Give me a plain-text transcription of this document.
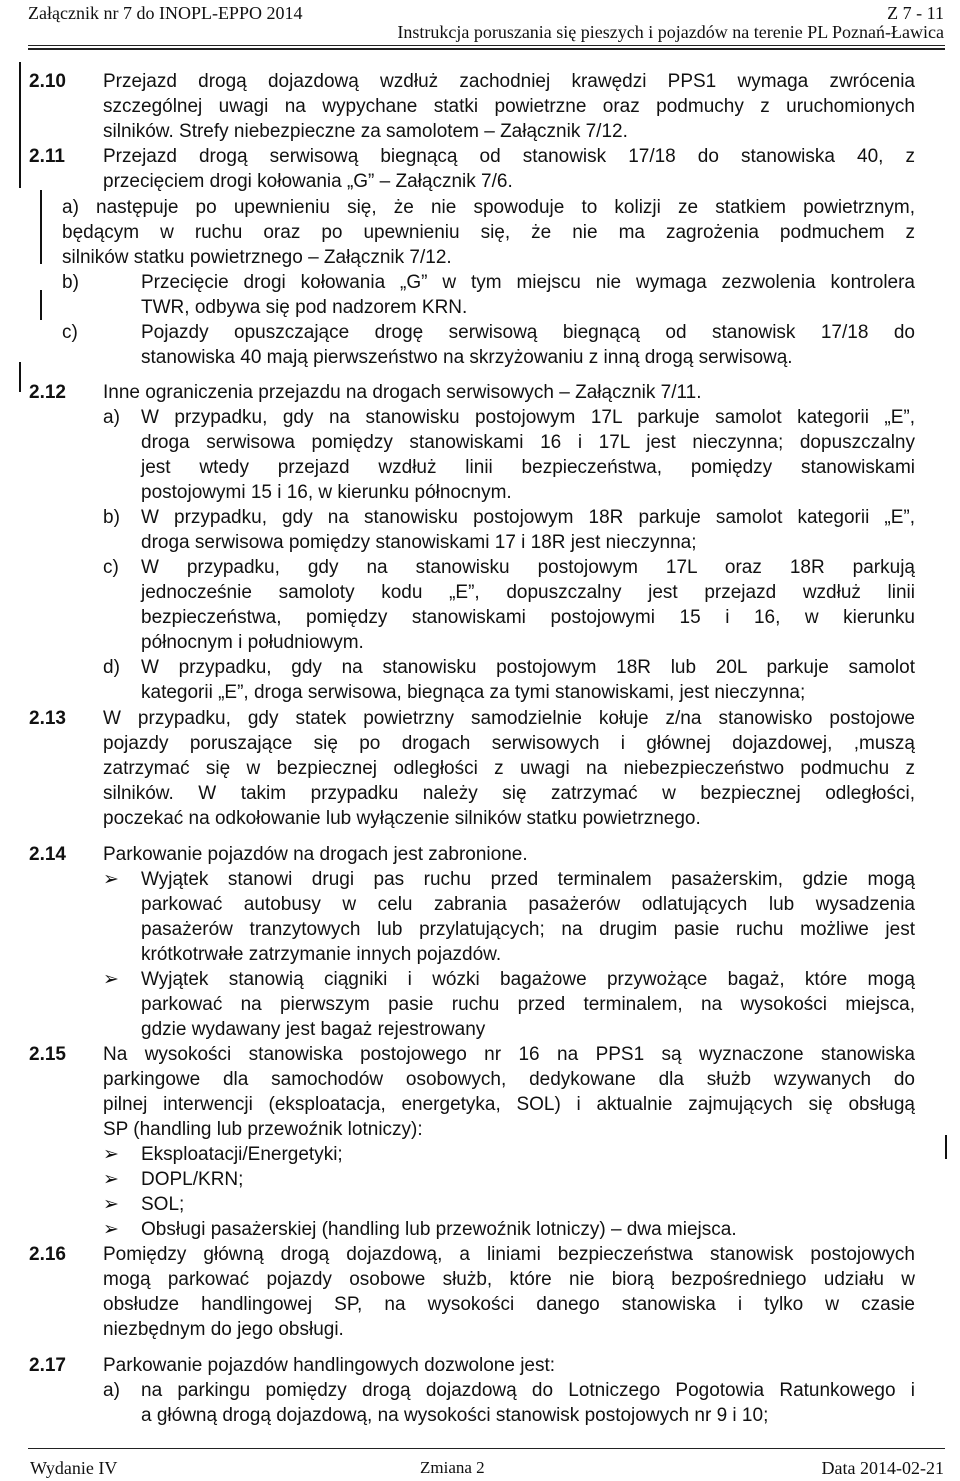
Załącznik nr 7 do INOPL-EPPO 2014	Z 7 - 11
Instrukcja poruszania się pieszych i pojazdów na terenie PL Poznań-Ławica
2.10 Przejazd drogą dojazdową wzdłuż zachodniej krawędzi PPS1 wymaga zwrócenia
szczególnej uwagi na wypychane statki powietrzne oraz podmuchy z uruchomionych
silników. Strefy niebezpieczne za samolotem – Załącznik 7/12.
2.11 Przejazd drogą serwisową biegnącą od stanowisk 17/18 do stanowiska 40, z
przecięciem drogi kołowania „G” – Załącznik 7/6.
a) następuje po upewnieniu się, że nie spowoduje to kolizji ze statkiem powietrznym,
będącym w ruchu oraz po upewnieniu się, że nie ma zagrożenia podmuchem z
silników statku powietrznego – Załącznik 7/12.
b)	Przecięcie drogi kołowania „G” w tym miejscu nie wymaga zezwolenia kontrolera
TWR, odbywa się pod nadzorem KRN.
c)	Pojazdy opuszczające drogę serwisową biegnącą od stanowisk 17/18 do
stanowiska 40 mają pierwszeństwo na skrzyżowaniu z inną drogą serwisową.
2.12 Inne ograniczenia przejazdu na drogach serwisowych – Załącznik 7/11.
a) W przypadku, gdy na stanowisku postojowym 17L parkuje samolot kategorii „E”,
droga serwisowa pomiędzy stanowiskami 16 i 17L jest nieczynna; dopuszczalny
jest wtedy przejazd wzdłuż linii bezpieczeństwa, pomiędzy stanowiskami
postojowymi 15 i 16, w kierunku północnym.
b) W przypadku, gdy na stanowisku postojowym 18R parkuje samolot kategorii „E”,
droga serwisowa pomiędzy stanowiskami 17 i 18R jest nieczynna;
c) W przypadku, gdy na stanowisku postojowym 17L oraz 18R parkują
jednocześnie samoloty kodu „E”, dopuszczalny jest przejazd wzdłuż linii
bezpieczeństwa, pomiędzy stanowiskami postojowymi 15 i 16, w kierunku
północnym i południowym.
d) W przypadku, gdy na stanowisku postojowym 18R lub 20L parkuje samolot
kategorii „E”, droga serwisowa, biegnąca za tymi stanowiskami, jest nieczynna;
2.13 W przypadku, gdy statek powietrzny samodzielnie kołuje z/na stanowisko postojowe
pojazdy poruszające się po drogach serwisowych i głównej dojazdowej, ,muszą
zatrzymać się w bezpiecznej odległości z uwagi na niebezpieczeństwo podmuchu z
silników. W takim przypadku należy się zatrzymać w bezpiecznej odległości,
poczekać na odkołowanie lub wyłączenie silników statku powietrznego.
2.14 Parkowanie pojazdów na drogach jest zabronione.
➢ Wyjątek stanowi drugi pas ruchu przed terminalem pasażerskim, gdzie mogą
parkować autobusy w celu zabrania pasażerów odlatujących lub wysadzenia
pasażerów tranzytowych lub przylatujących; na drugim pasie ruchu możliwe jest
krótkotrwałe zatrzymanie innych pojazdów.
➢ Wyjątek stanowią ciągniki i wózki bagażowe przywożące bagaż, które mogą
parkować na pierwszym pasie ruchu przed terminalem, na wysokości miejsca,
gdzie wydawany jest bagaż rejestrowany
2.15 Na wysokości stanowiska postojowego nr 16 na PPS1 są wyznaczone stanowiska
parkingowe dla samochodów osobowych, dedykowane dla służb wzywanych do
pilnej interwencji (eksploatacja, energetyka, SOL) i aktualnie zajmujących się obsługą
SP (handling lub przewoźnik lotniczy):
➢ Eksploatacji/Energetyki;
➢ DOPL/KRN;
➢ SOL;
➢ Obsługi pasażerskiej (handling lub przewoźnik lotniczy) – dwa miejsca.
2.16 Pomiędzy główną drogą dojazdową, a liniami bezpieczeństwa stanowisk postojowych
mogą parkować pojazdy osobowe służb, które nie biorą bezpośredniego udziału w
obsłudze handlingowej SP, na wysokości danego stanowiska i tylko w czasie
niezbędnym do jego obsługi.
2.17 Parkowanie pojazdów handlingowych dozwolone jest:
a) na parkingu pomiędzy drogą dojazdową do Lotniczego Pogotowia Ratunkowego i
a główną drogą dojazdową, na wysokości stanowisk postojowych nr 9 i 10;
Wydanie IV	Zmiana 2	Data 2014-02-21
